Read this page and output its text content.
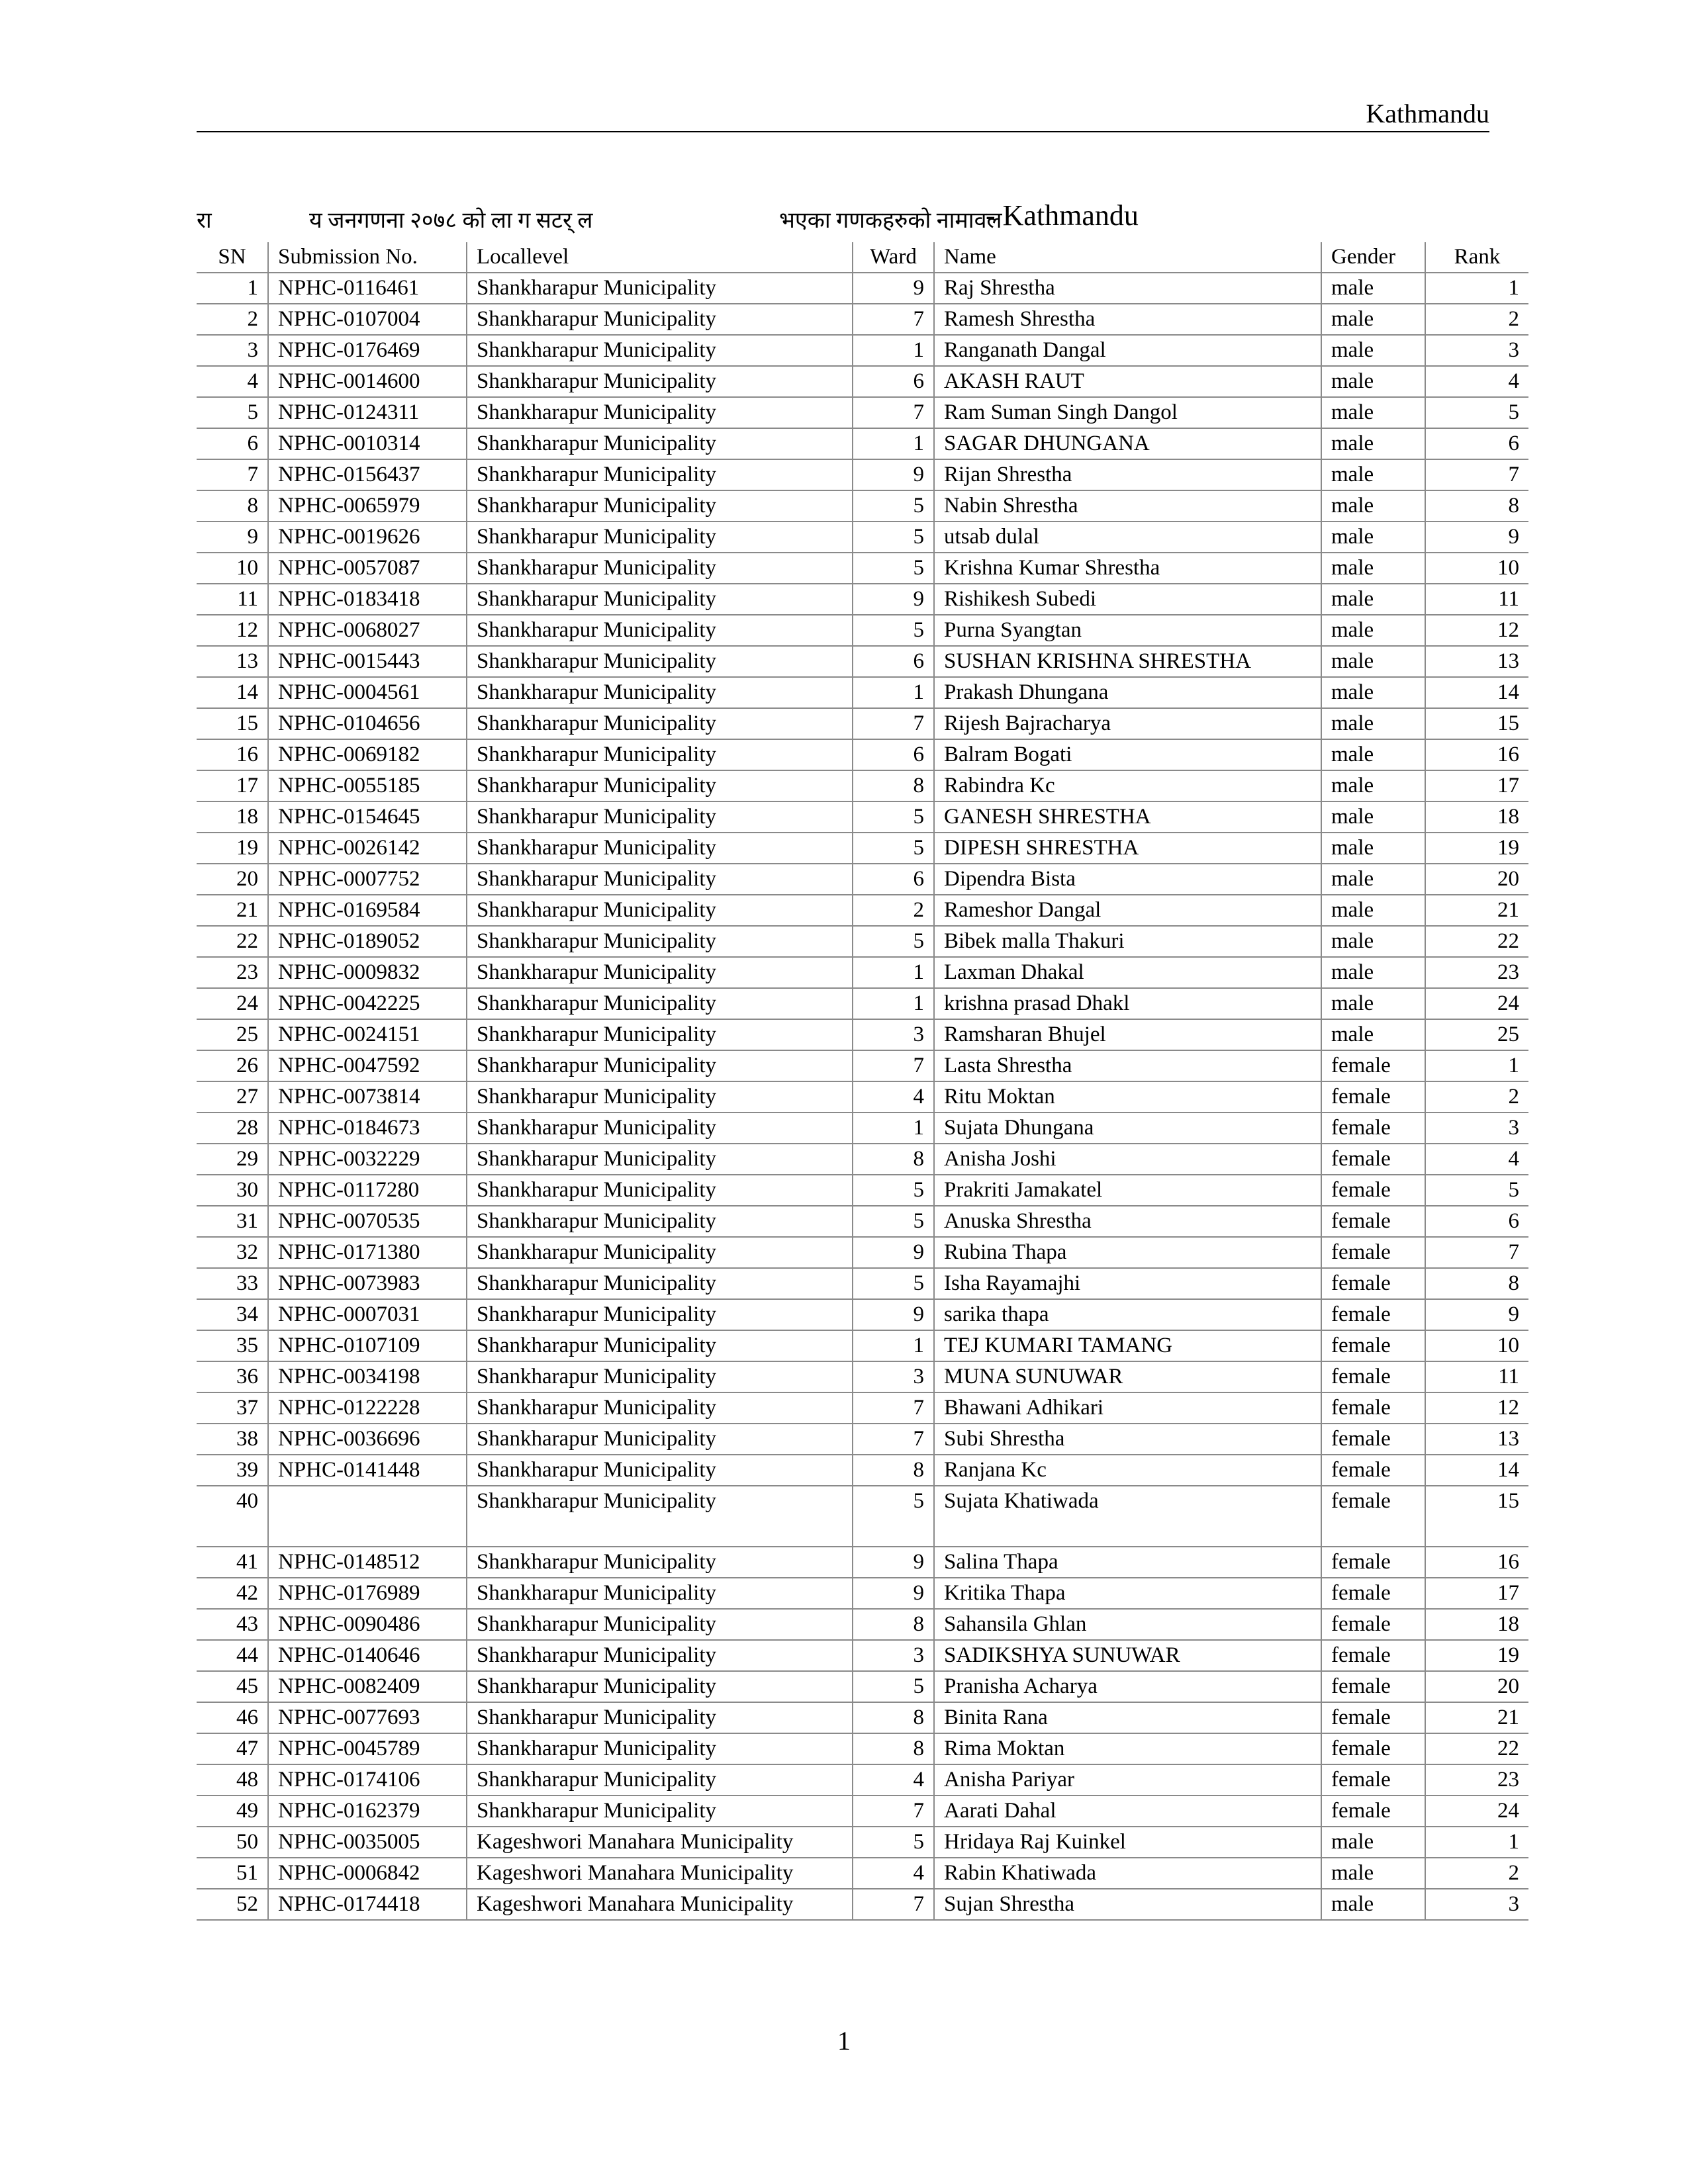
Kathmandu
रा	य जनगणना २०७८ को ला ग सटर् ल	भएका गणकहरुको नामावल
- Kathmandu
SN	Submission No.	Locallevel	Ward	Name	Gender	Rank
1	NPHC-0116461	Shankharapur Municipality	9	Raj Shrestha	male	1
2	NPHC-0107004	Shankharapur Municipality	7	Ramesh Shrestha	male	2
3	NPHC-0176469	Shankharapur Municipality	1	Ranganath Dangal	male	3
4	NPHC-0014600	Shankharapur Municipality	6	AKASH RAUT	male	4
5	NPHC-0124311	Shankharapur Municipality	7	Ram Suman Singh Dangol	male	5
6	NPHC-0010314	Shankharapur Municipality	1	SAGAR DHUNGANA	male	6
7	NPHC-0156437	Shankharapur Municipality	9	Rijan Shrestha	male	7
8	NPHC-0065979	Shankharapur Municipality	5	Nabin Shrestha	male	8
9	NPHC-0019626	Shankharapur Municipality	5	utsab dulal	male	9
10	NPHC-0057087	Shankharapur Municipality	5	Krishna Kumar Shrestha	male	10
11	NPHC-0183418	Shankharapur Municipality	9	Rishikesh Subedi	male	11
12	NPHC-0068027	Shankharapur Municipality	5	Purna Syangtan	male	12
13	NPHC-0015443	Shankharapur Municipality	6	SUSHAN KRISHNA SHRESTHA	male	13
14	NPHC-0004561	Shankharapur Municipality	1	Prakash Dhungana	male	14
15	NPHC-0104656	Shankharapur Municipality	7	Rijesh Bajracharya	male	15
16	NPHC-0069182	Shankharapur Municipality	6	Balram Bogati	male	16
17	NPHC-0055185	Shankharapur Municipality	8	Rabindra Kc	male	17
18	NPHC-0154645	Shankharapur Municipality	5	GANESH SHRESTHA	male	18
19	NPHC-0026142	Shankharapur Municipality	5	DIPESH SHRESTHA	male	19
20	NPHC-0007752	Shankharapur Municipality	6	Dipendra Bista	male	20
21	NPHC-0169584	Shankharapur Municipality	2	Rameshor Dangal	male	21
22	NPHC-0189052	Shankharapur Municipality	5	Bibek malla Thakuri	male	22
23	NPHC-0009832	Shankharapur Municipality	1	Laxman Dhakal	male	23
24	NPHC-0042225	Shankharapur Municipality	1	krishna prasad Dhakl	male	24
25	NPHC-0024151	Shankharapur Municipality	3	Ramsharan Bhujel	male	25
26	NPHC-0047592	Shankharapur Municipality	7	Lasta Shrestha	female	1
27	NPHC-0073814	Shankharapur Municipality	4	Ritu Moktan	female	2
28	NPHC-0184673	Shankharapur Municipality	1	Sujata Dhungana	female	3
29	NPHC-0032229	Shankharapur Municipality	8	Anisha Joshi	female	4
30	NPHC-0117280	Shankharapur Municipality	5	Prakriti Jamakatel	female	5
31	NPHC-0070535	Shankharapur Municipality	5	Anuska Shrestha	female	6
32	NPHC-0171380	Shankharapur Municipality	9	Rubina Thapa	female	7
33	NPHC-0073983	Shankharapur Municipality	5	Isha Rayamajhi	female	8
34	NPHC-0007031	Shankharapur Municipality	9	sarika thapa	female	9
35	NPHC-0107109	Shankharapur Municipality	1	TEJ KUMARI TAMANG	female	10
36	NPHC-0034198	Shankharapur Municipality	3	MUNA SUNUWAR	female	11
37	NPHC-0122228	Shankharapur Municipality	7	Bhawani Adhikari	female	12
38	NPHC-0036696	Shankharapur Municipality	7	Subi Shrestha	female	13
39	NPHC-0141448	Shankharapur Municipality	8	Ranjana Kc	female	14
40		Shankharapur Municipality	5	Sujata Khatiwada	female	15
41	NPHC-0148512	Shankharapur Municipality	9	Salina Thapa	female	16
42	NPHC-0176989	Shankharapur Municipality	9	Kritika Thapa	female	17
43	NPHC-0090486	Shankharapur Municipality	8	Sahansila Ghlan	female	18
44	NPHC-0140646	Shankharapur Municipality	3	SADIKSHYA SUNUWAR	female	19
45	NPHC-0082409	Shankharapur Municipality	5	Pranisha Acharya	female	20
46	NPHC-0077693	Shankharapur Municipality	8	Binita Rana	female	21
47	NPHC-0045789	Shankharapur Municipality	8	Rima Moktan	female	22
48	NPHC-0174106	Shankharapur Municipality	4	Anisha Pariyar	female	23
49	NPHC-0162379	Shankharapur Municipality	7	Aarati Dahal	female	24
50	NPHC-0035005	Kageshwori Manahara Municipality	5	Hridaya Raj Kuinkel	male	1
51	NPHC-0006842	Kageshwori Manahara Municipality	4	Rabin Khatiwada	male	2
52	NPHC-0174418	Kageshwori Manahara Municipality	7	Sujan Shrestha	male	3
1
